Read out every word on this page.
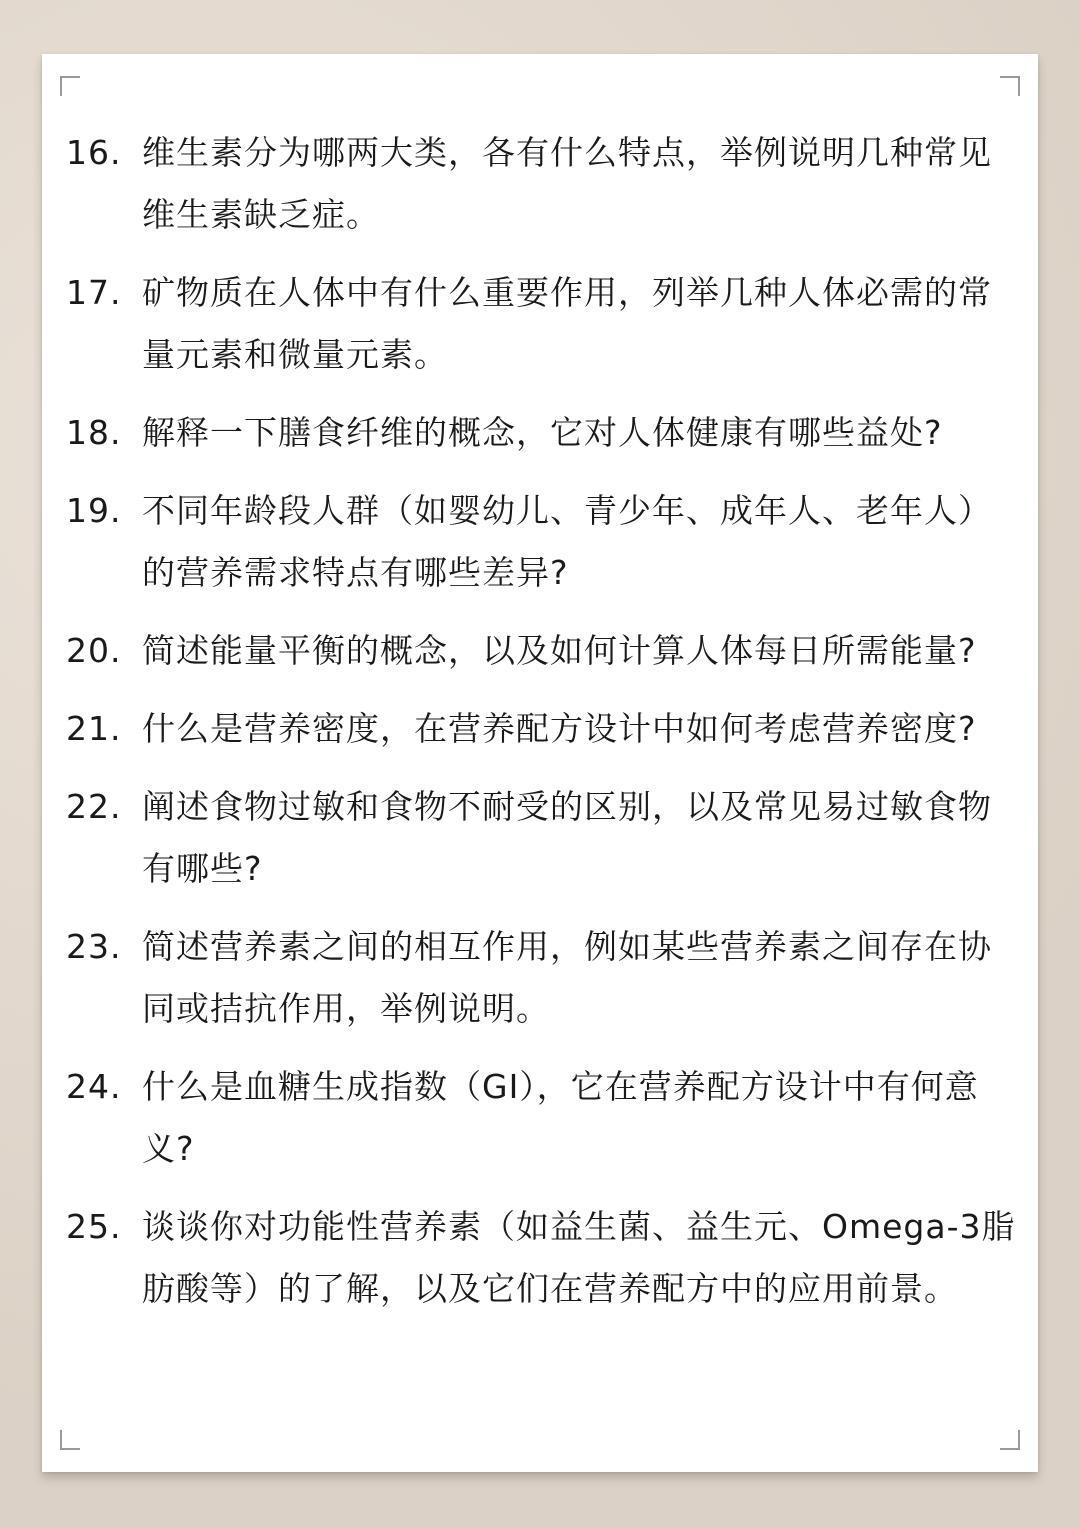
16. 维生素分为哪两大类，各有什么特点，举例说明几种常见维生素缺乏症。
17. 矿物质在人体中有什么重要作用，列举几种人体必需的常量元素和微量元素。
18. 解释一下膳食纤维的概念，它对人体健康有哪些益处?
19. 不同年龄段人群（如婴幼儿、青少年、成年人、老年人）的营养需求特点有哪些差异?
20. 简述能量平衡的概念，以及如何计算人体每日所需能量?
21. 什么是营养密度，在营养配方设计中如何考虑营养密度?
22. 阐述食物过敏和食物不耐受的区别，以及常见易过敏食物有哪些?
23. 简述营养素之间的相互作用，例如某些营养素之间存在协同或拮抗作用，举例说明。
24. 什么是血糖生成指数（GI），它在营养配方设计中有何意义?
25. 谈谈你对功能性营养素（如益生菌、益生元、Omega-3脂肪酸等）的了解，以及它们在营养配方中的应用前景。
